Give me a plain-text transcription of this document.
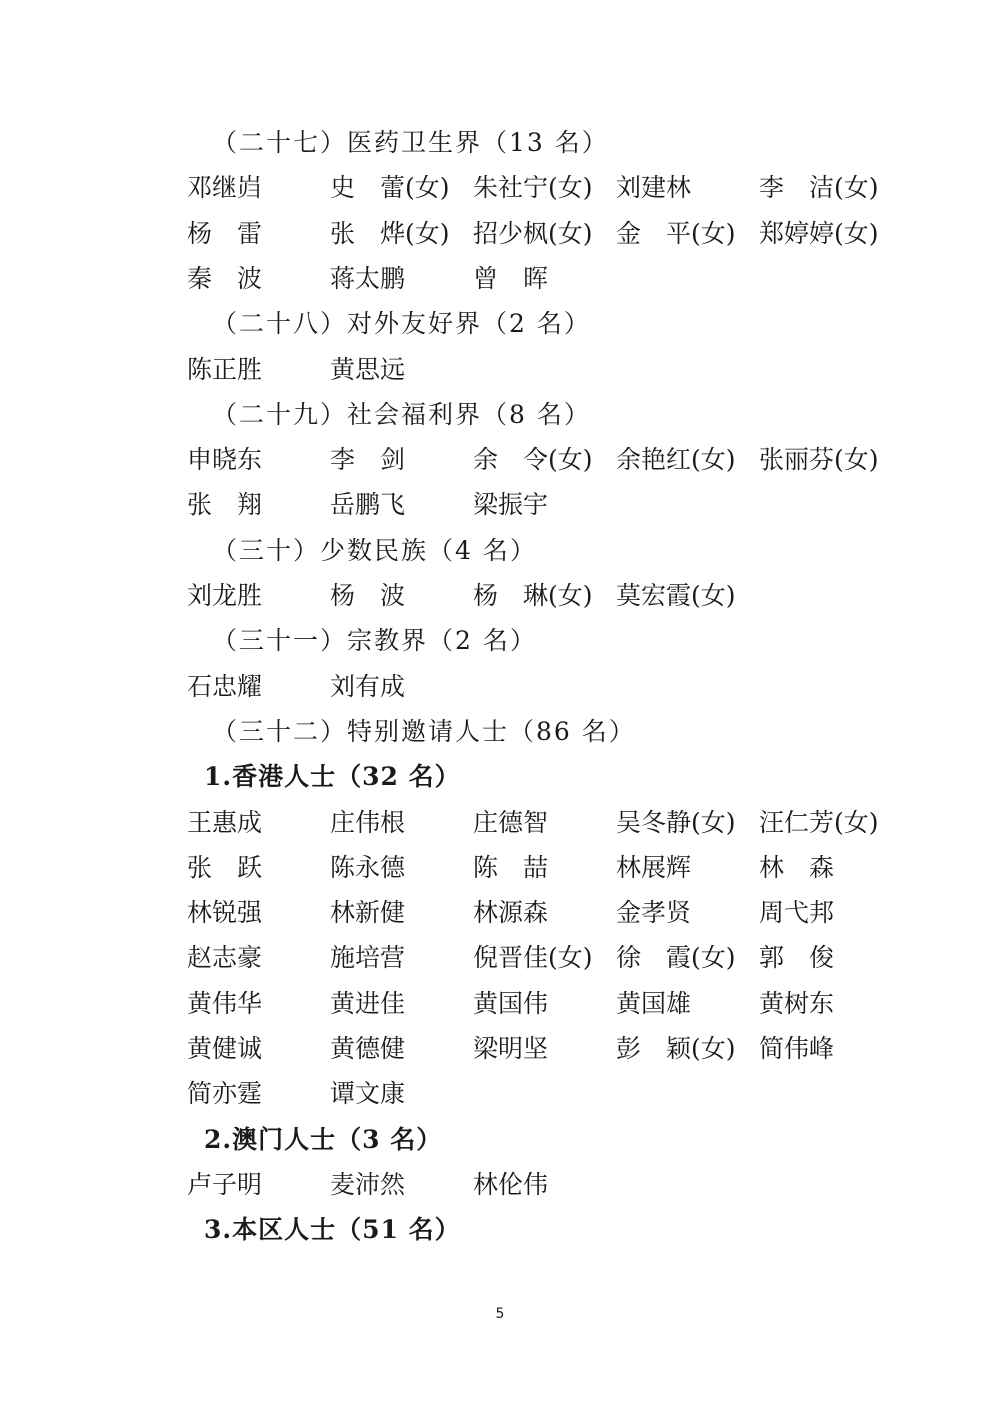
（二十七）医药卫生界（13 名）
邓继岿	史　蕾(女) 朱社宁(女) 刘建林	李　洁(女)
杨　雷	张　烨(女) 招少枫(女) 金　平(女) 郑婷婷(女)
秦　波	蒋太鹏	曾　晖
（二十八）对外友好界（2 名）
陈正胜	黄思远
（二十九）社会福利界（8 名）
申晓东	李　剑	余　令(女) 余艳红(女) 张丽芬(女)
张　翔	岳鹏飞	梁振宇
（三十）少数民族（4 名）
刘龙胜	杨　波	杨　琳(女) 莫宏霞(女)
（三十一）宗教界（2 名）
石忠耀	刘有成
（三十二）特别邀请人士（86 名）
1.香港人士（32 名）
王惠成	庄伟根	庄德智	吴冬静(女) 汪仁芳(女)
张　跃	陈永德	陈　喆	林展辉	林　森
林锐强	林新健	林源森	金孝贤	周弋邦
赵志豪	施培营	倪晋佳(女) 徐　霞(女) 郭　俊
黄伟华	黄进佳	黄国伟	黄国雄	黄树东
黄健诚	黄德健	梁明坚	彭　颖(女) 简伟峰
简亦霆	谭文康
2.澳门人士（3 名）
卢子明	麦沛然	林伦伟
3.本区人士（51 名）
5
